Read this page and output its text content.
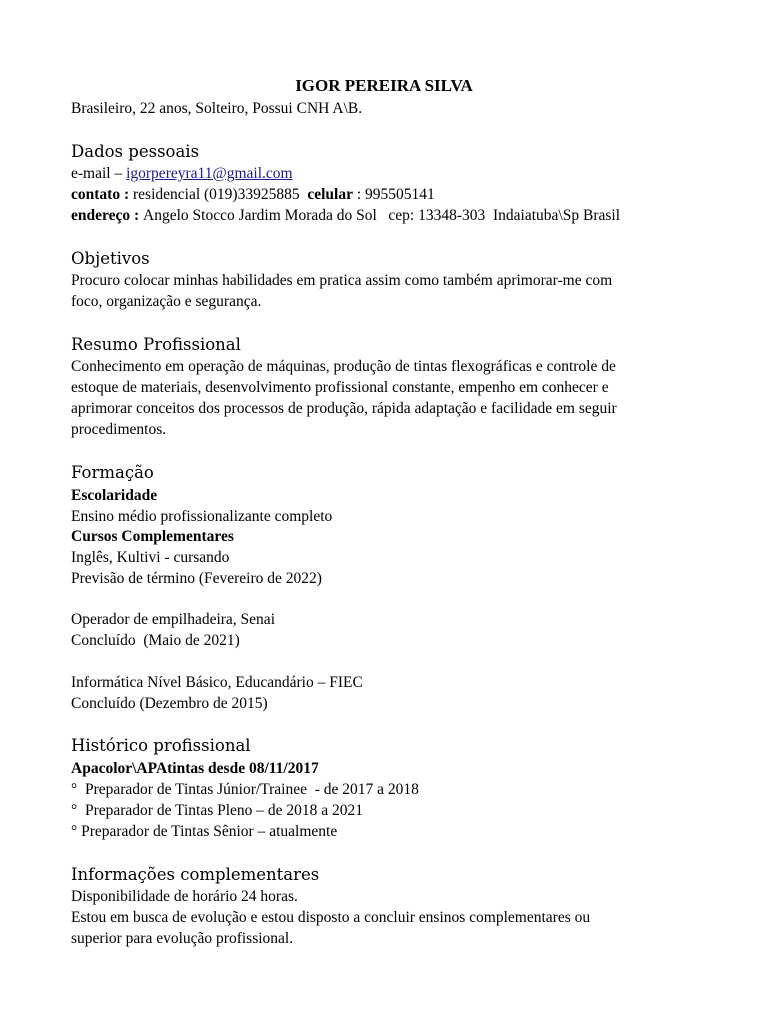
IGOR PEREIRA SILVA
Brasileiro, 22 anos, Solteiro, Possui CNH A\B.
Dados pessoais
e-mail – igorpereyra11@gmail.com
contato : residencial (019)33925885 celular : 995505141
endereço : Angelo Stocco Jardim Morada do Sol   cep: 13348-303  Indaiatuba\Sp Brasil
Objetivos
Procuro colocar minhas habilidades em pratica assim como também aprimorar-me com
foco, organização e segurança.
Resumo Profissional
Conhecimento em operação de máquinas, produção de tintas flexográficas e controle de
estoque de materiais, desenvolvimento profissional constante, empenho em conhecer e
aprimorar conceitos dos processos de produção, rápida adaptação e facilidade em seguir
procedimentos.
Formação
Escolaridade
Ensino médio profissionalizante completo
Cursos Complementares
Inglês, Kultivi - cursando
Previsão de término (Fevereiro de 2022)
Operador de empilhadeira, Senai
Concluído  (Maio de 2021)
Informática Nível Básico, Educandário – FIEC
Concluído (Dezembro de 2015)
Histórico profissional
Apacolor\APAtintas desde 08/11/2017
°  Preparador de Tintas Júnior/Trainee  - de 2017 a 2018
°  Preparador de Tintas Pleno – de 2018 a 2021
° Preparador de Tintas Sênior – atualmente
Informações complementares
Disponibilidade de horário 24 horas.
Estou em busca de evolução e estou disposto a concluir ensinos complementares ou
superior para evolução profissional.
